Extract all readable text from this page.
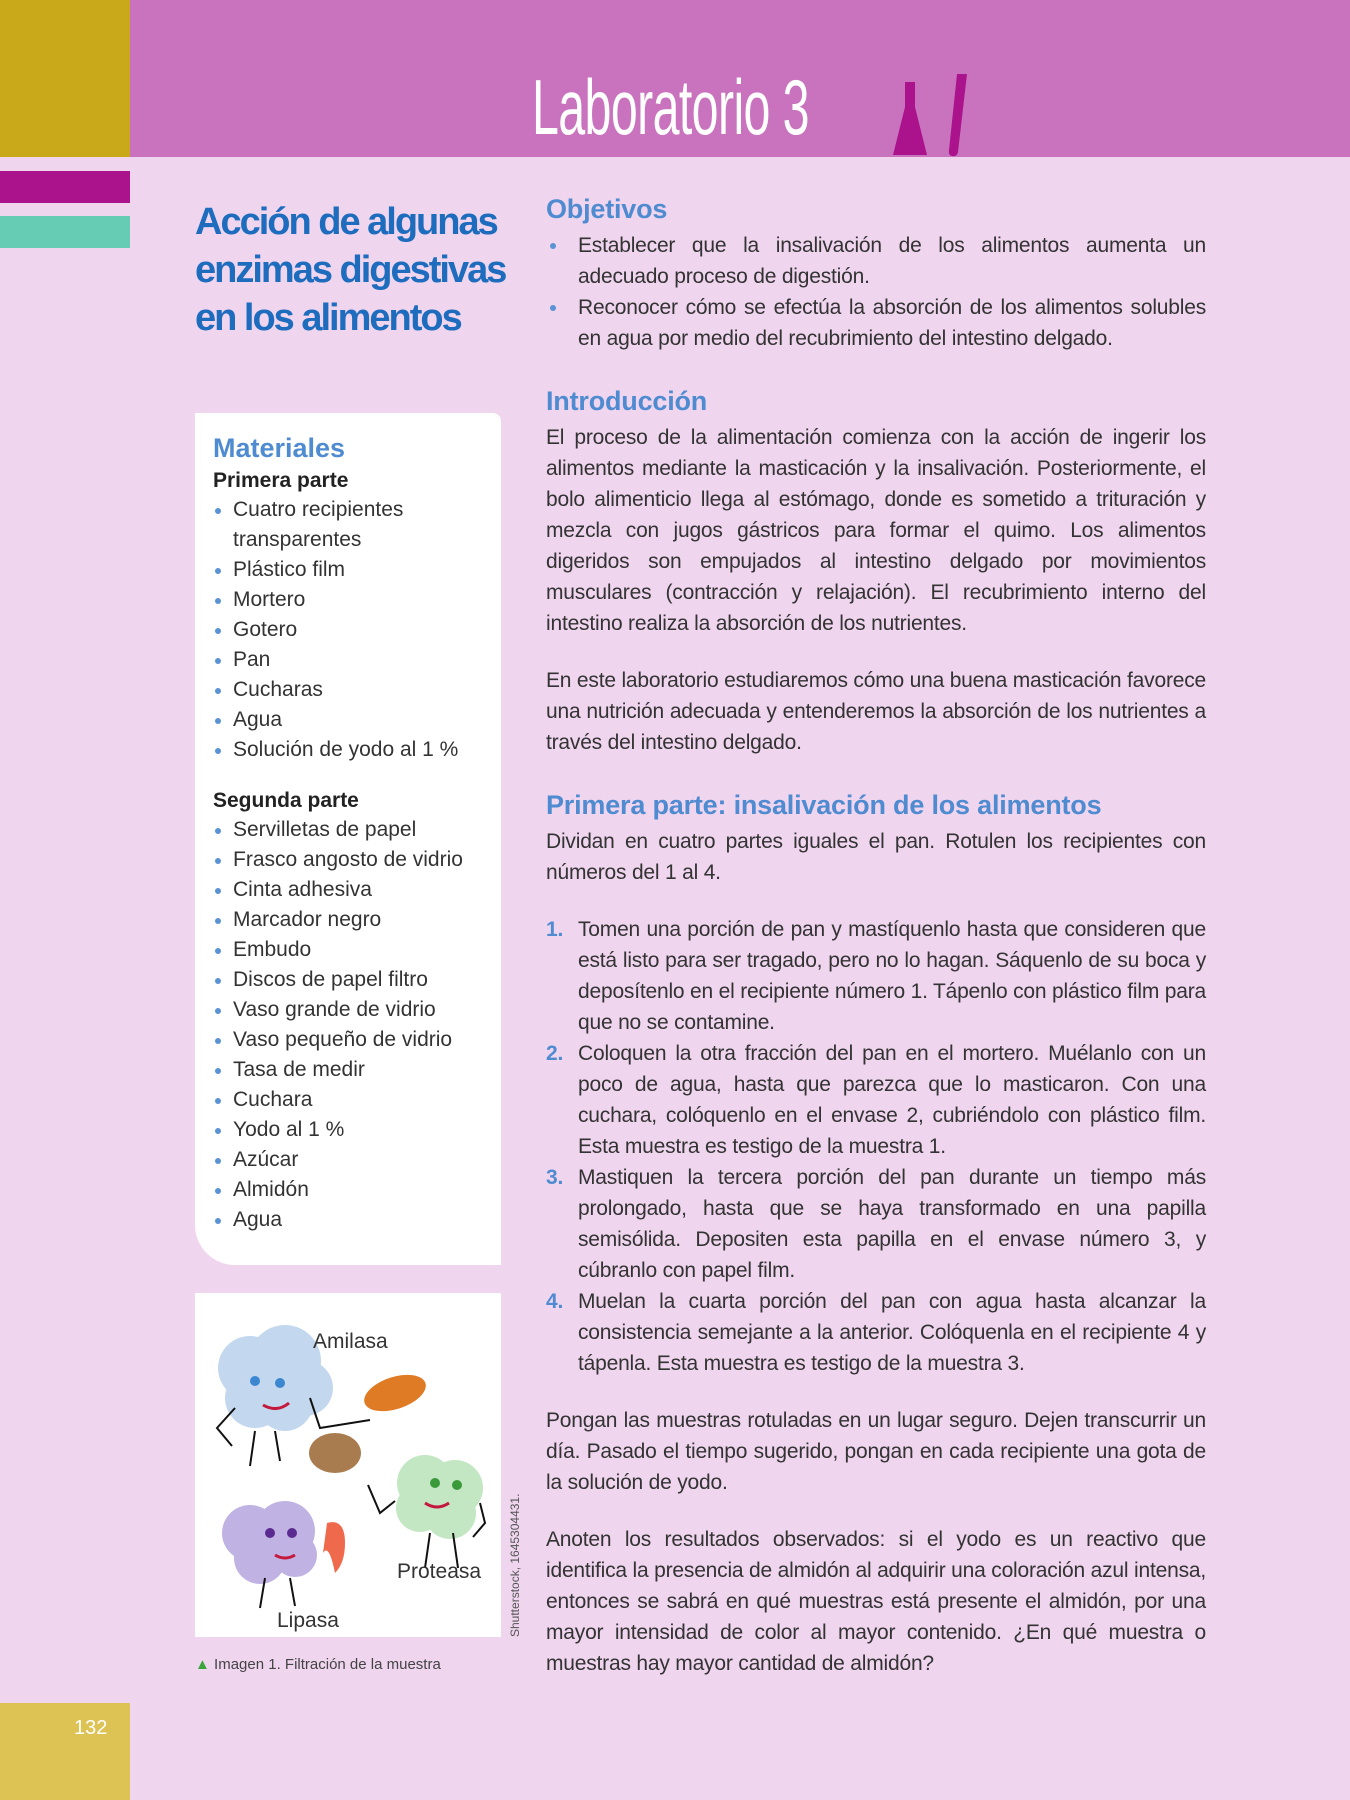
Laboratorio 3
Acción de algunas enzimas digestivas en los alimentos
Materiales
Primera parte
Cuatro recipientes transparentes
Plástico film
Mortero
Gotero
Pan
Cucharas
Agua
Solución de yodo al 1 %
Segunda parte
Servilletas de papel
Frasco angosto de vidrio
Cinta adhesiva
Marcador negro
Embudo
Discos de papel filtro
Vaso grande de vidrio
Vaso pequeño de vidrio
Tasa de medir
Cuchara
Yodo al 1 %
Azúcar
Almidón
Agua
Amilasa
Proteasa
Lipasa	Shutterstock, 1645304431.
▲ Imagen 1. Filtración de la muestra
Objetivos
Establecer que la insalivación de los alimentos aumenta un adecuado proceso de digestión.
Reconocer cómo se efectúa la absorción de los alimentos solubles en agua por medio del recubrimiento del intestino delgado.
Introducción

El proceso de la alimentación comienza con la acción de ingerir los alimentos mediante la masticación y la insalivación. Posteriormente, el bolo alimenticio llega al estómago, donde es sometido a trituración y mezcla con jugos gástricos para formar el quimo. Los alimentos digeridos son empujados al intestino delgado por movimientos musculares (contracción y relajación). El recubrimiento interno del intestino realiza la absorción de los nutrientes.

En este laboratorio estudiaremos cómo una buena masticación favorece una nutrición adecuada y entenderemos la absorción de los nutrientes a través del intestino delgado.

Primera parte: insalivación de los alimentos

Dividan en cuatro partes iguales el pan. Rotulen los recipientes con números del 1 al 4.

1. Tomen una porción de pan y mastíquenlo hasta que consideren que está listo para ser tragado, pero no lo hagan. Sáquenlo de su boca y deposítenlo en el recipiente número 1. Tápenlo con plástico film para que no se contamine.
2. Coloquen la otra fracción del pan en el mortero. Muélanlo con un poco de agua, hasta que parezca que lo masticaron. Con una cuchara, colóquenlo en el envase 2, cubriéndolo con plástico film. Esta muestra es testigo de la muestra 1.
3. Mastiquen la tercera porción del pan durante un tiempo más prolongado, hasta que se haya transformado en una papilla semisólida. Depositen esta papilla en el envase número 3, y cúbranlo con papel film.
4. Muelan la cuarta porción del pan con agua hasta alcanzar la consistencia semejante a la anterior. Colóquenla en el recipiente 4 y tápenla. Esta muestra es testigo de la muestra 3.

Pongan las muestras rotuladas en un lugar seguro. Dejen transcurrir un día. Pasado el tiempo sugerido, pongan en cada recipiente una gota de la solución de yodo.

Anoten los resultados observados: si el yodo es un reactivo que identifica la presencia de almidón al adquirir una coloración azul intensa, entonces se sabrá en qué muestras está presente el almidón, por una mayor intensidad de color al mayor contenido. ¿En qué muestra o muestras hay mayor cantidad de almidón?

132
